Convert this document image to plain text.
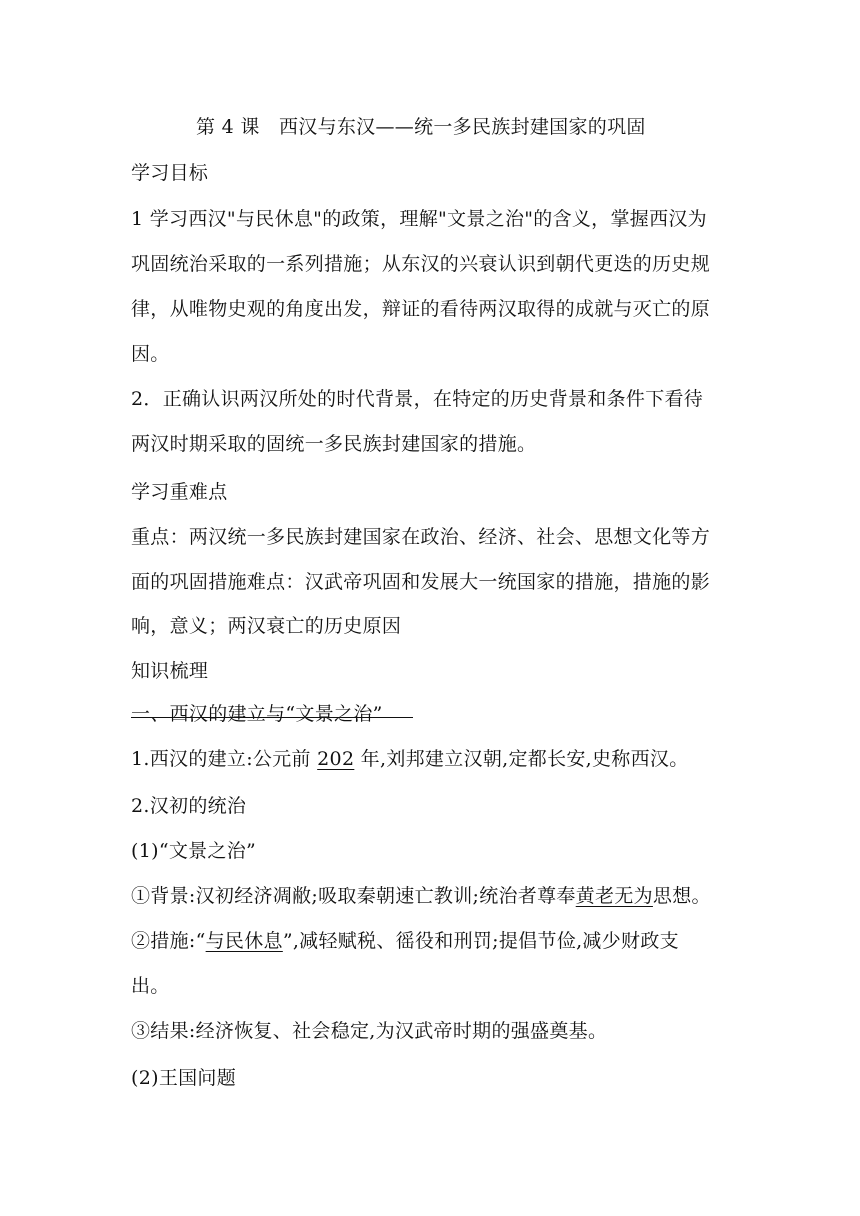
第 4 课　西汉与东汉——统一多民族封建国家的巩固
学习目标
1 学习西汉"与民休息"的政策，理解"文景之治"的含义，掌握西汉为
巩固统治采取的一系列措施；从东汉的兴衰认识到朝代更迭的历史规
律，从唯物史观的角度出发，辩证的看待两汉取得的成就与灭亡的原
因。
2．正确认识两汉所处的时代背景，在特定的历史背景和条件下看待
两汉时期采取的固统一多民族封建国家的措施。
学习重难点
重点：两汉统一多民族封建国家在政治、经济、社会、思想文化等方
面的巩固措施难点：汉武帝巩固和发展大一统国家的措施，措施的影
响，意义；两汉衰亡的历史原因
知识梳理
一、西汉的建立与“文景之治”
1.西汉的建立:公元前 202 年,刘邦建立汉朝,定都长安,史称西汉。
2.汉初的统治
(1)“文景之治”
①背景:汉初经济凋敝;吸取秦朝速亡教训;统治者尊奉黄老无为思想。
②措施:“与民休息”,减轻赋税、徭役和刑罚;提倡节俭,减少财政支
出。
③结果:经济恢复、社会稳定,为汉武帝时期的强盛奠基。
(2)王国问题
